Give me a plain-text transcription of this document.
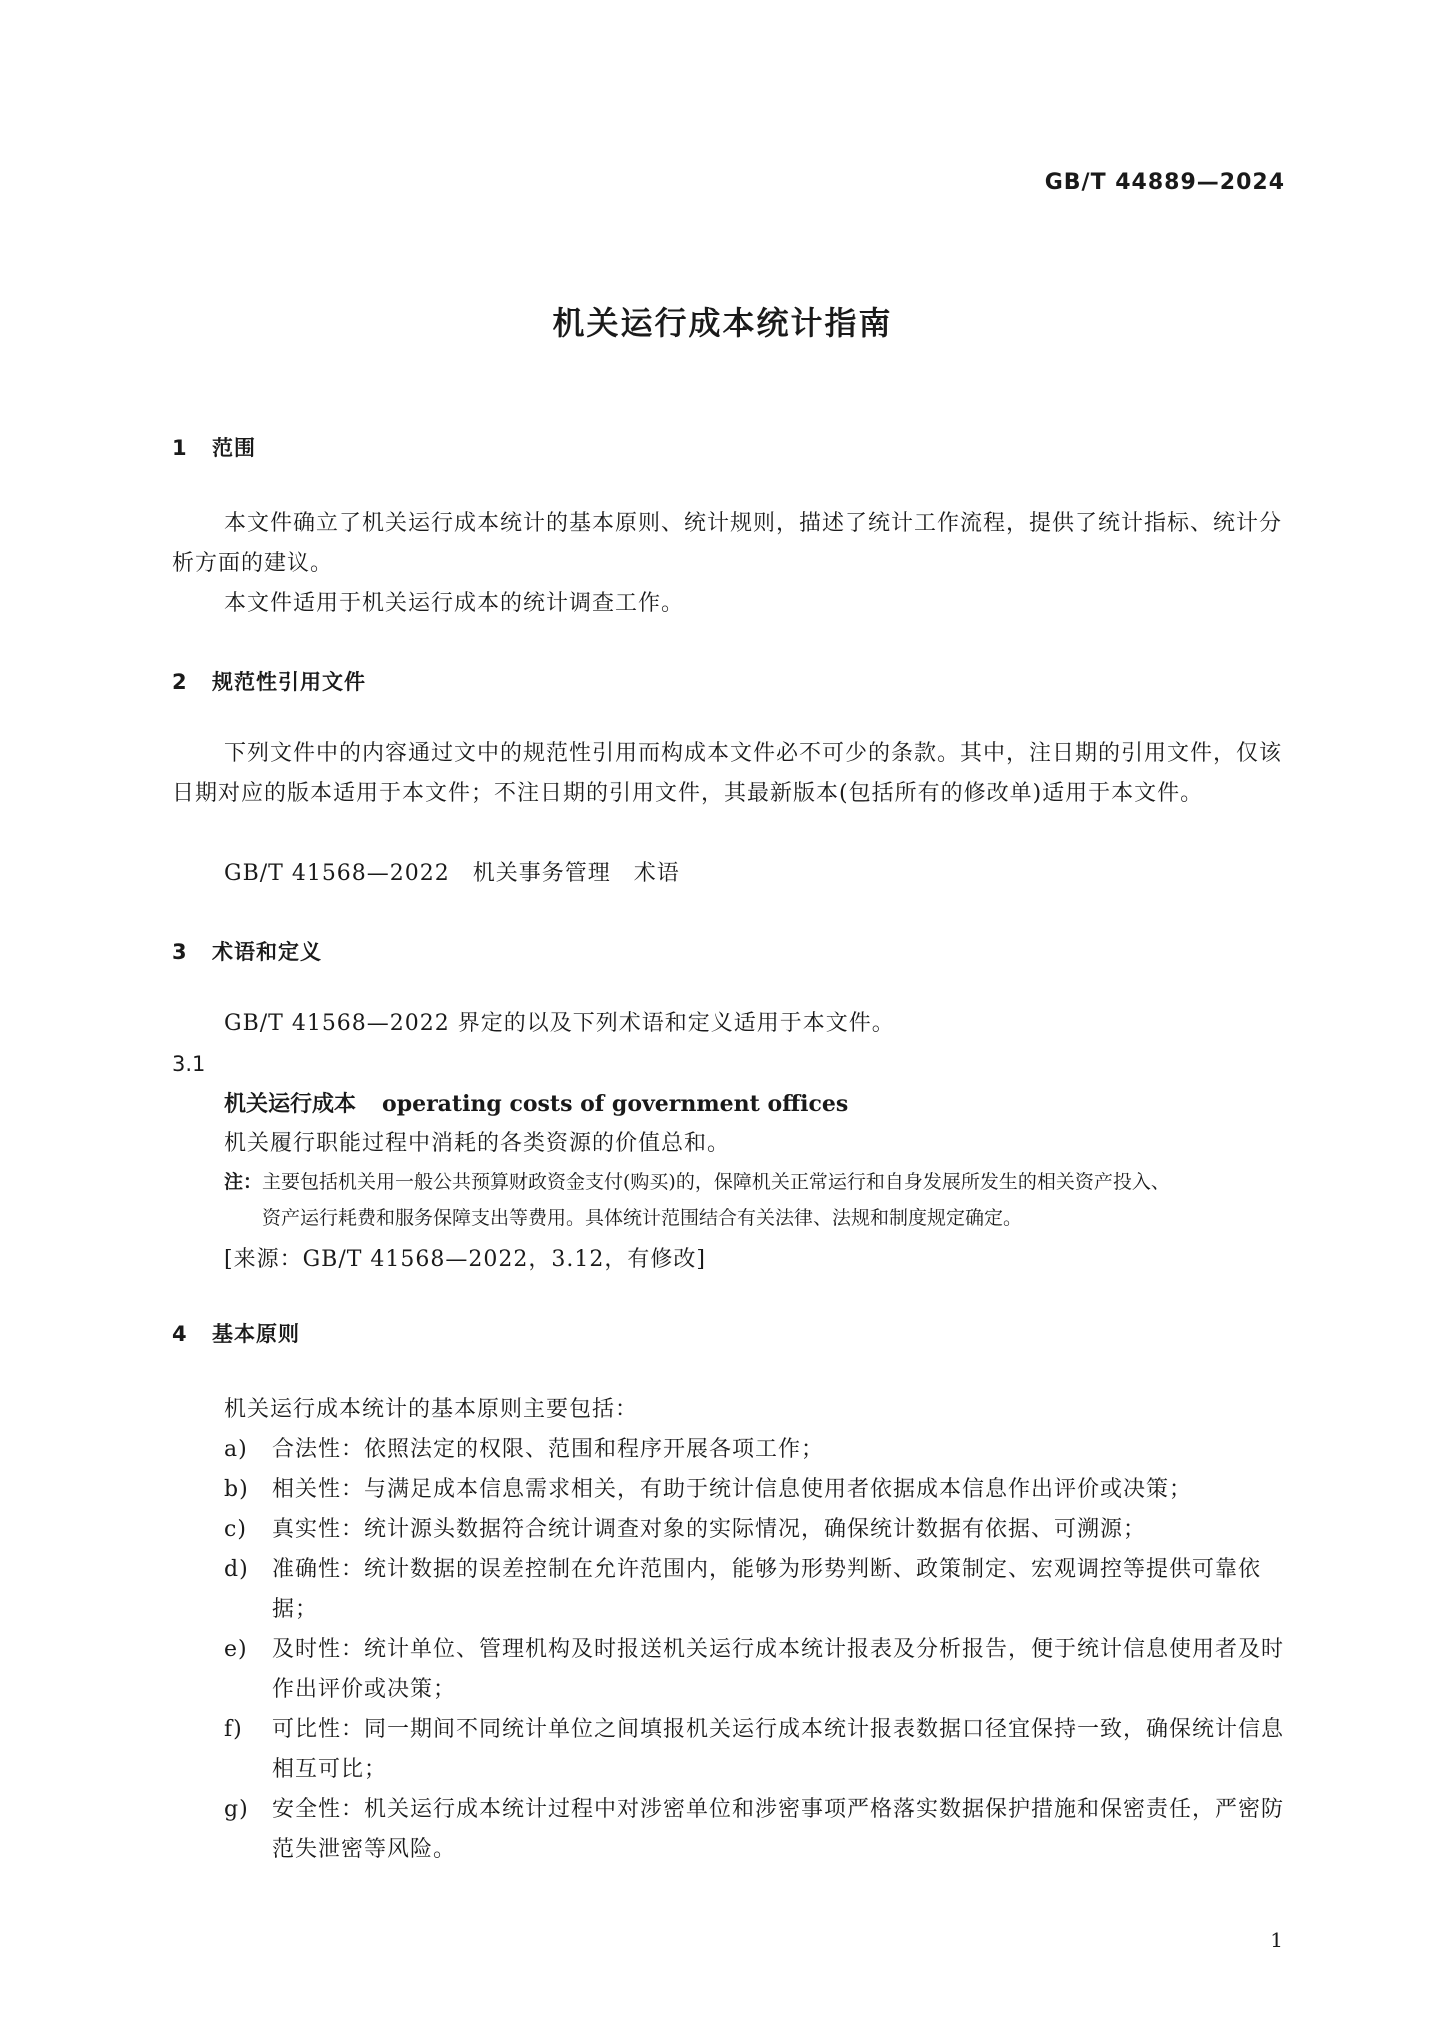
GB/T 44889—2024
机关运行成本统计指南
1 范围
本文件确立了机关运行成本统计的基本原则、统计规则，描述了统计工作流程，提供了统计指标、统计分析方面的建议。
本文件适用于机关运行成本的统计调查工作。
2 规范性引用文件
下列文件中的内容通过文中的规范性引用而构成本文件必不可少的条款。其中，注日期的引用文件，仅该日期对应的版本适用于本文件；不注日期的引用文件，其最新版本(包括所有的修改单)适用于本文件。
GB/T 41568—2022　机关事务管理　术语
3 术语和定义
GB/T 41568—2022 界定的以及下列术语和定义适用于本文件。
3.1
机关运行成本 operating costs of government offices
机关履行职能过程中消耗的各类资源的价值总和。
注：主要包括机关用一般公共预算财政资金支付(购买)的，保障机关正常运行和自身发展所发生的相关资产投入、
资产运行耗费和服务保障支出等费用。具体统计范围结合有关法律、法规和制度规定确定。
[来源：GB/T 41568—2022，3.12，有修改]
4 基本原则
机关运行成本统计的基本原则主要包括：
a)	合法性：依照法定的权限、范围和程序开展各项工作；
b)	相关性：与满足成本信息需求相关，有助于统计信息使用者依据成本信息作出评价或决策；
c)	真实性：统计源头数据符合统计调查对象的实际情况，确保统计数据有依据、可溯源；
d)	准确性：统计数据的误差控制在允许范围内，能够为形势判断、政策制定、宏观调控等提供可靠依据；
e)	及时性：统计单位、管理机构及时报送机关运行成本统计报表及分析报告，便于统计信息使用者及时作出评价或决策；
f)	可比性：同一期间不同统计单位之间填报机关运行成本统计报表数据口径宜保持一致，确保统计信息相互可比；
g)	安全性：机关运行成本统计过程中对涉密单位和涉密事项严格落实数据保护措施和保密责任，严密防范失泄密等风险。
1
